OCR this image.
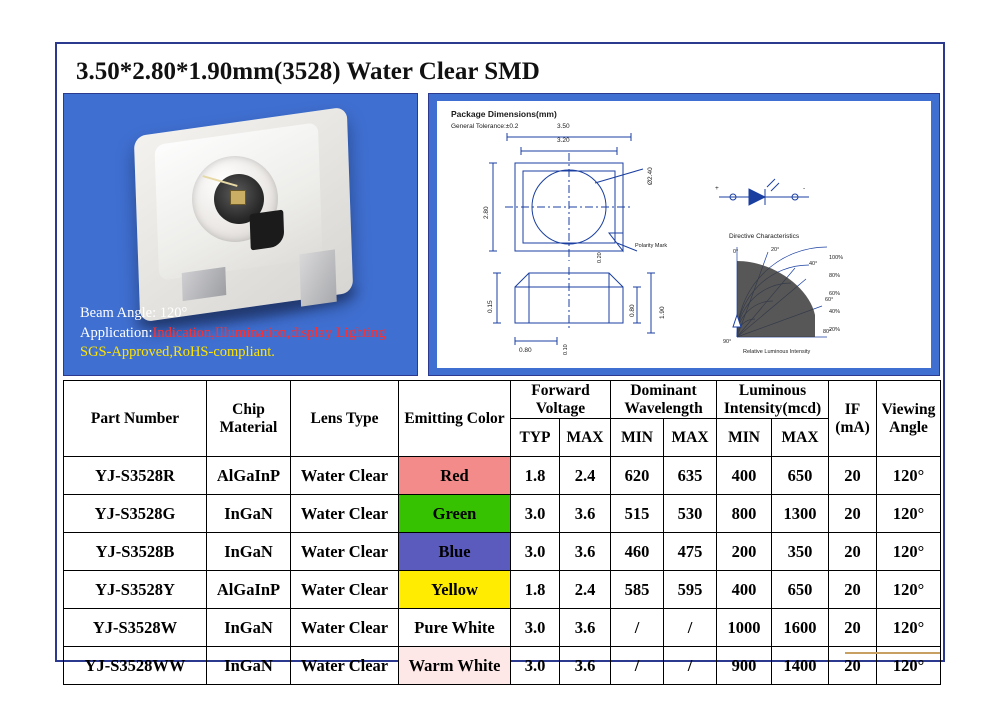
3.50*2.80*1.90mm(3528) Water Clear SMD
Beam Angle: 120°
Application:Indication,Illumination,display Lighting
SGS-Approved,RoHS-compliant.
Package Dimensions(mm)
General Tolerance:±0.2	3.50
3.20
2.80
Ø2.40
0.20
Polarity Mark
0.15	0.80	1.90
0.80	0.10
+	-
Directive Characteristics
Relative Luminous Intensity
0°	20°
40°
60°
80°
90°
100%
80%
60%
40%
20%
Part Number	Chip Material	Lens Type	Emitting Color	Forward Voltage		Dominant Wavelength		Luminous Intensity(mcd)		IF (mA)	Viewing Angle
				TYP	MAX	MIN	MAX	MIN	MAX		
YJ-S3528R	AlGaInP	Water Clear	Red	1.8	2.4	620	635	400	650	20	120°
YJ-S3528G	InGaN	Water Clear	Green	3.0	3.6	515	530	800	1300	20	120°
YJ-S3528B	InGaN	Water Clear	Blue	3.0	3.6	460	475	200	350	20	120°
YJ-S3528Y	AlGaInP	Water Clear	Yellow	1.8	2.4	585	595	400	650	20	120°
YJ-S3528W	InGaN	Water Clear	Pure White	3.0	3.6	/	/	1000	1600	20	120°
YJ-S3528WW	InGaN	Water Clear	Warm White	3.0	3.6	/	/	900	1400	20	120°
